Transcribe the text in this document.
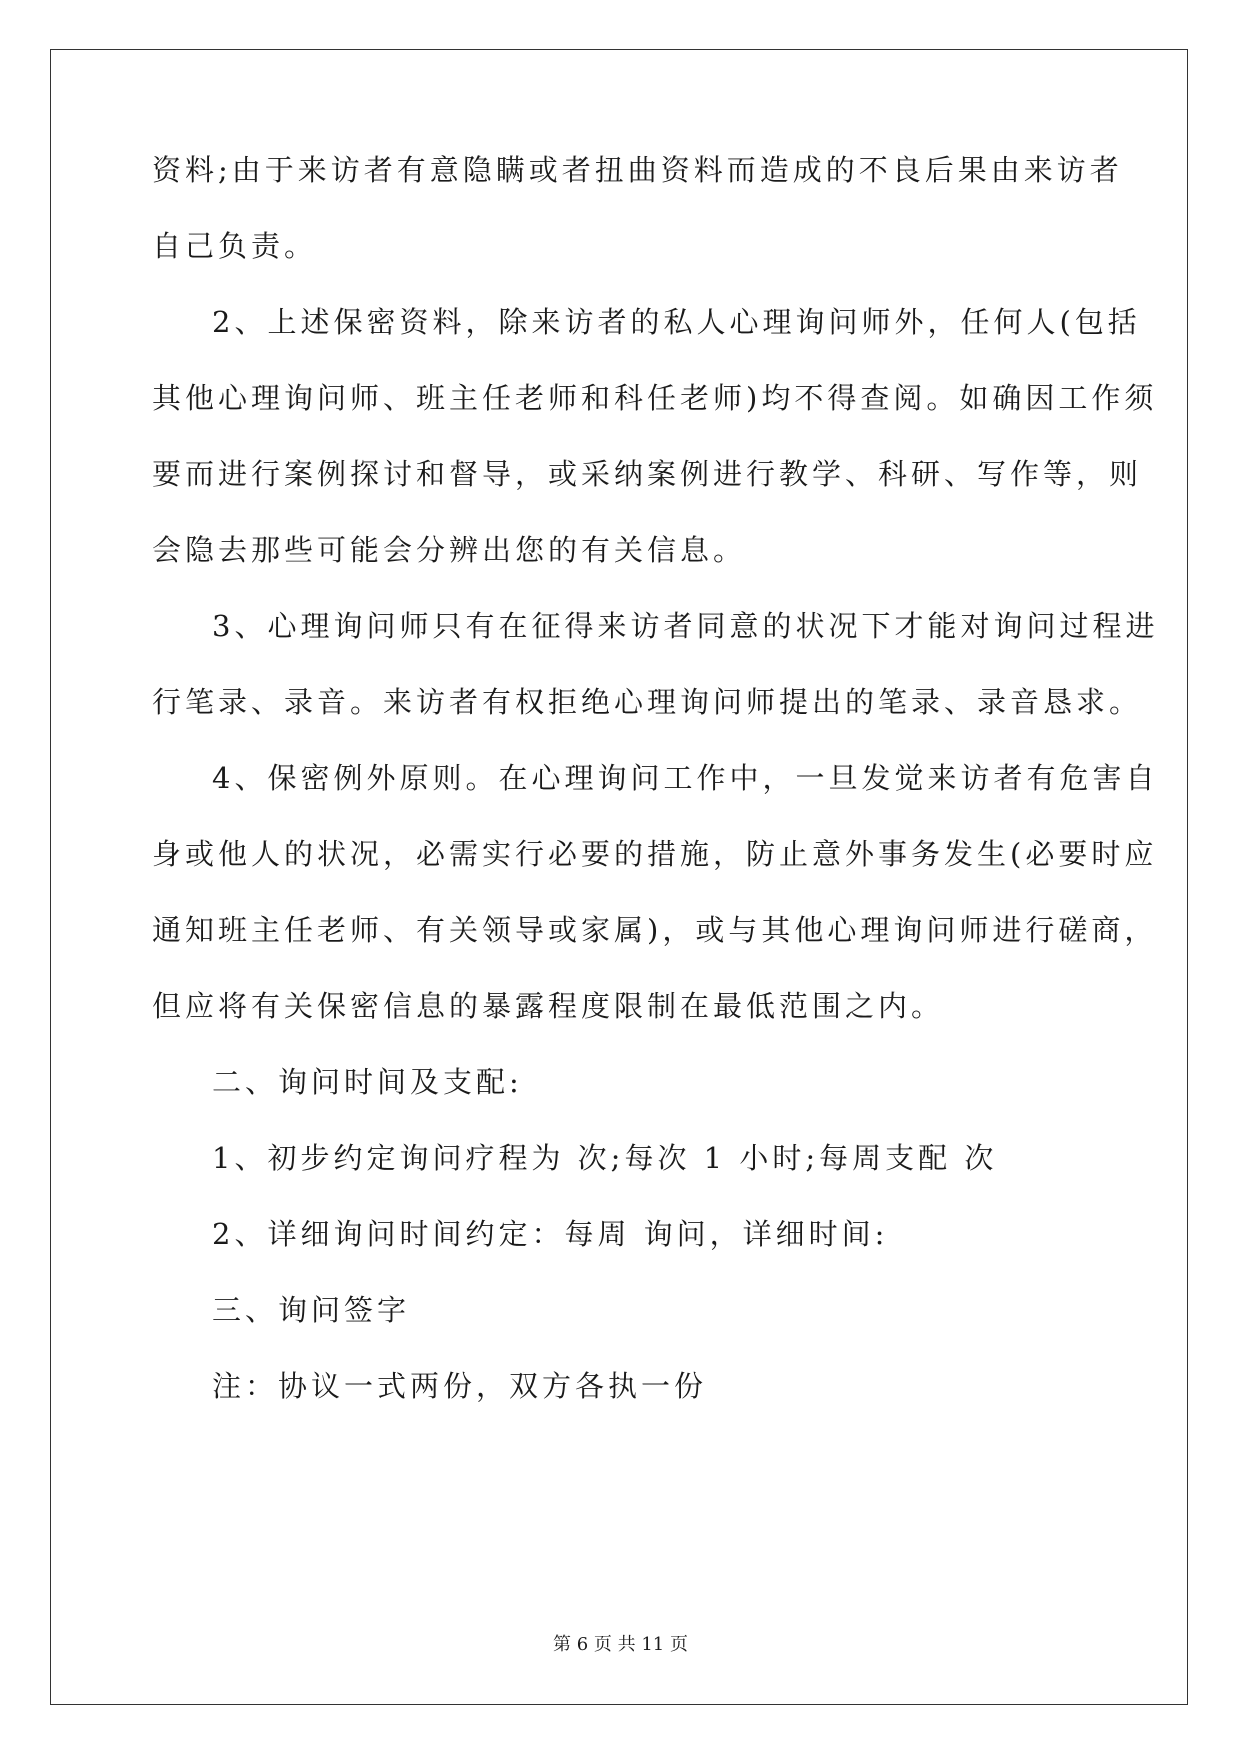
资料;由于来访者有意隐瞒或者扭曲资料而造成的不良后果由来访者

自己负责。

2、上述保密资料，除来访者的私人心理询问师外，任何人(包括

其他心理询问师、班主任老师和科任老师)均不得查阅。如确因工作须

要而进行案例探讨和督导，或采纳案例进行教学、科研、写作等，则

会隐去那些可能会分辨出您的有关信息。

3、心理询问师只有在征得来访者同意的状况下才能对询问过程进

行笔录、录音。来访者有权拒绝心理询问师提出的笔录、录音恳求。

4、保密例外原则。在心理询问工作中，一旦发觉来访者有危害自

身或他人的状况，必需实行必要的措施，防止意外事务发生(必要时应

通知班主任老师、有关领导或家属)，或与其他心理询问师进行磋商，

但应将有关保密信息的暴露程度限制在最低范围之内。

二、询问时间及支配:

1、初步约定询问疗程为 次;每次 1 小时;每周支配 次

2、详细询问时间约定：每周 询问，详细时间:

三、询问签字

注：协议一式两份，双方各执一份

第 6 页 共 11 页
